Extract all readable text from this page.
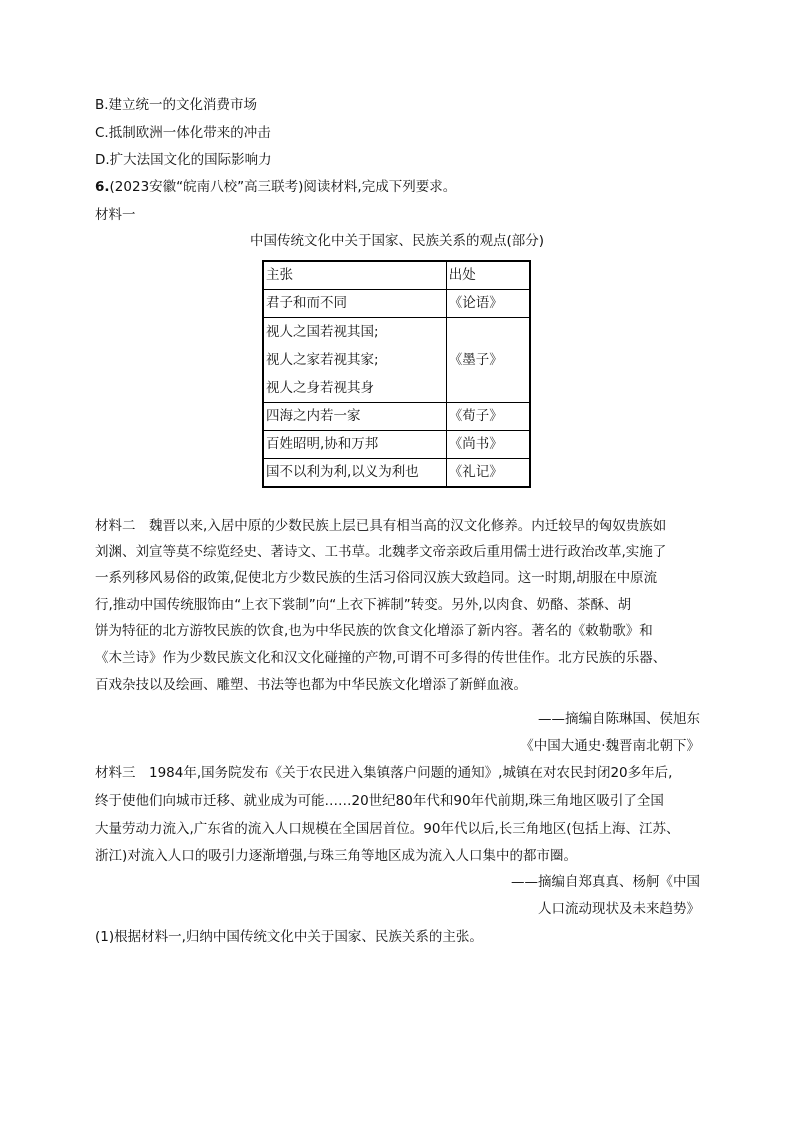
B.建立统一的文化消费市场
C.抵制欧洲一体化带来的冲击
D.扩大法国文化的国际影响力
6.(2023安徽“皖南八校”高三联考)阅读材料,完成下列要求。
材料一
中国传统文化中关于国家、民族关系的观点(部分)
主张	出处
君子和而不同	《论语》

视人之国若视其国;
视人之家若视其家;
视人之身若视其身	《墨子》
四海之内若一家	《荀子》
百姓昭明,协和万邦	《尚书》
国不以利为利,以义为利也	《礼记》
材料二　魏晋以来,入居中原的少数民族上层已具有相当高的汉文化修养。内迁较早的匈奴贵族如
刘渊、刘宣等莫不综览经史、著诗文、工书草。北魏孝文帝亲政后重用儒士进行政治改革,实施了
一系列移风易俗的政策,促使北方少数民族的生活习俗同汉族大致趋同。这一时期,胡服在中原流
行,推动中国传统服饰由“上衣下裳制”向“上衣下裤制”转变。另外,以肉食、奶酪、茶酥、胡
饼为特征的北方游牧民族的饮食,也为中华民族的饮食文化增添了新内容。著名的《敕勒歌》和
《木兰诗》作为少数民族文化和汉文化碰撞的产物,可谓不可多得的传世佳作。北方民族的乐器、
百戏杂技以及绘画、雕塑、书法等也都为中华民族文化增添了新鲜血液。
——摘编自陈琳国、侯旭东
《中国大通史·魏晋南北朝下》
材料三　1984年,国务院发布《关于农民进入集镇落户问题的通知》,城镇在对农民封闭20多年后,
终于使他们向城市迁移、就业成为可能……20世纪80年代和90年代前期,珠三角地区吸引了全国
大量劳动力流入,广东省的流入人口规模在全国居首位。90年代以后,长三角地区(包括上海、江苏、
浙江)对流入人口的吸引力逐渐增强,与珠三角等地区成为流入人口集中的都市圈。
——摘编自郑真真、杨舸《中国
人口流动现状及未来趋势》
(1)根据材料一,归纳中国传统文化中关于国家、民族关系的主张。
